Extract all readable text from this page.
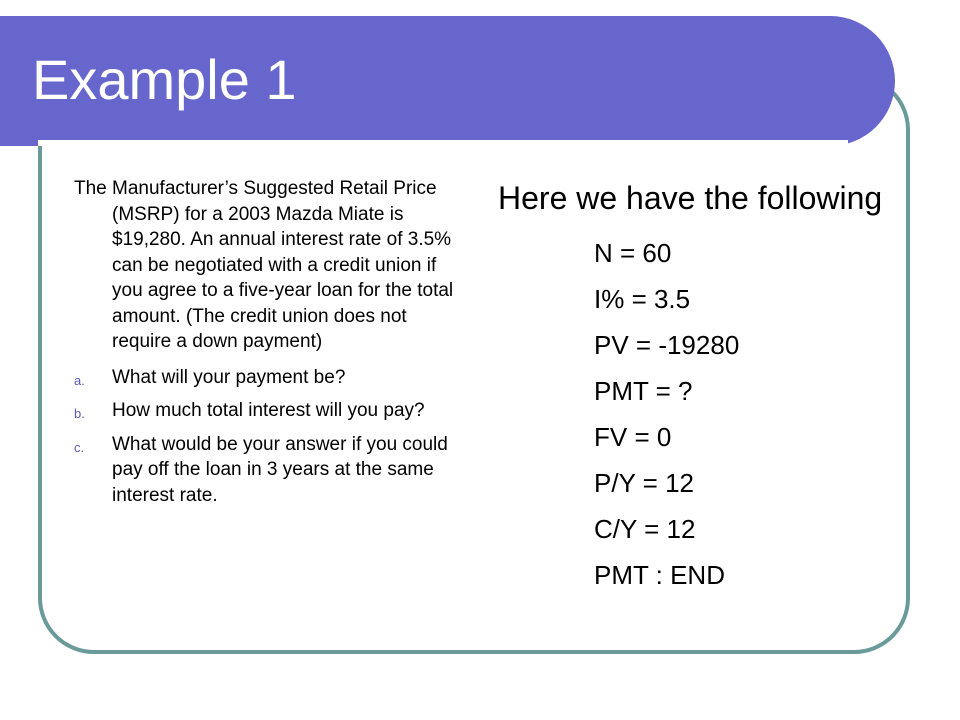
Example 1

The Manufacturer’s Suggested Retail Price (MSRP) for a 2003 Mazda Miate is $19,280. An annual interest rate of 3.5% can be negotiated with a credit union if you agree to a five-year loan for the total amount. (The credit union does not require a down payment)

a. What will your payment be?
b. How much total interest will you pay?
c. What would be your answer if you could pay off the loan in 3 years at the same interest rate.
Here we have the following
N = 60
I% = 3.5
PV = -19280
PMT = ?
FV = 0
P/Y = 12
C/Y = 12
PMT : END
